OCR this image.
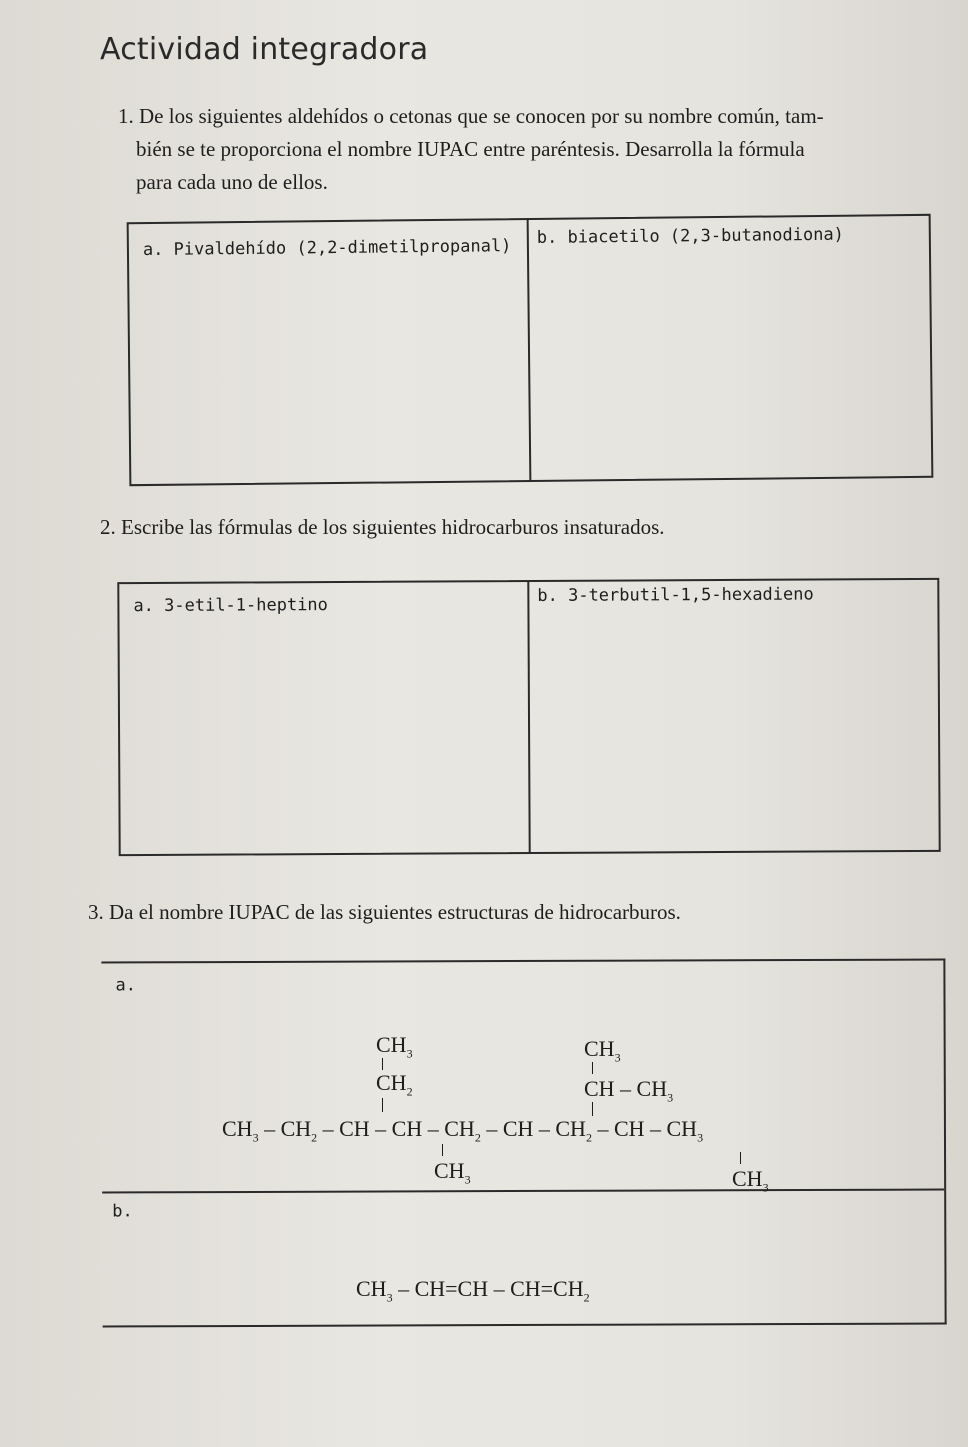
Actividad integradora
1. De los siguientes aldehídos o cetonas que se conocen por su nombre común, tam-
bién se te proporciona el nombre IUPAC entre paréntesis. Desarrolla la fórmula
para cada uno de ellos.
a. Pivaldehído (2,2-dimetilpropanal) b. biacetilo (2,3-butanodiona)
2. Escribe las fórmulas de los siguientes hidrocarburos insaturados.
a. 3-etil-1-heptino	b. 3-terbutil-1,5-hexadieno
3. Da el nombre IUPAC de las siguientes estructuras de hidrocarburos.
a.
b.
$CH_3$
$CH_2$
$CH_3$
CH – $CH_3$
$CH_3 - CH_2$ – CH – CH – $CH_2$ – CH – $CH_2$ – CH – $CH_3$
$CH_3$	$CH_3$
$CH_3 - CH=CH - CH=CH_2$
